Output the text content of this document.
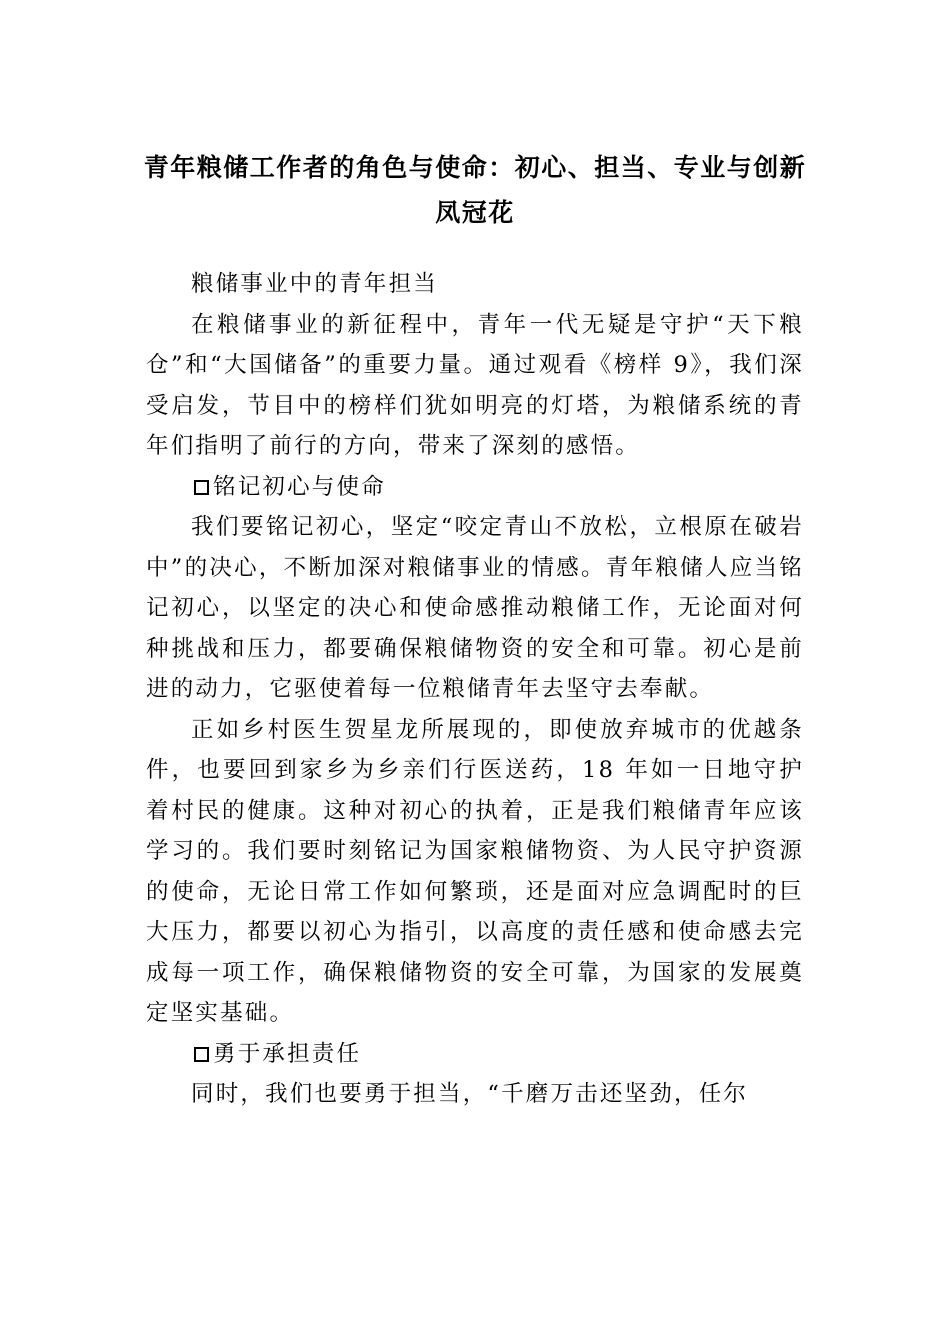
青年粮储工作者的角色与使命：初心、担当、专业与创新
凤冠花

粮储事业中的青年担当

在粮储事业的新征程中，青年一代无疑是守护“天下粮仓”和“大国储备”的重要力量。通过观看《榜样 9》，我们深受启发，节目中的榜样们犹如明亮的灯塔，为粮储系统的青年们指明了前行的方向，带来了深刻的感悟。

铭记初心与使命

我们要铭记初心，坚定“咬定青山不放松，立根原在破岩中”的决心，不断加深对粮储事业的情感。青年粮储人应当铭记初心，以坚定的决心和使命感推动粮储工作，无论面对何种挑战和压力，都要确保粮储物资的安全和可靠。初心是前进的动力，它驱使着每一位粮储青年去坚守去奉献。

正如乡村医生贺星龙所展现的，即使放弃城市的优越条件，也要回到家乡为乡亲们行医送药，18 年如一日地守护着村民的健康。这种对初心的执着，正是我们粮储青年应该学习的。我们要时刻铭记为国家粮储物资、为人民守护资源的使命，无论日常工作如何繁琐，还是面对应急调配时的巨大压力，都要以初心为指引，以高度的责任感和使命感去完成每一项工作，确保粮储物资的安全可靠，为国家的发展奠定坚实基础。

勇于承担责任

同时，我们也要勇于担当，“千磨万击还坚劲，任尔
